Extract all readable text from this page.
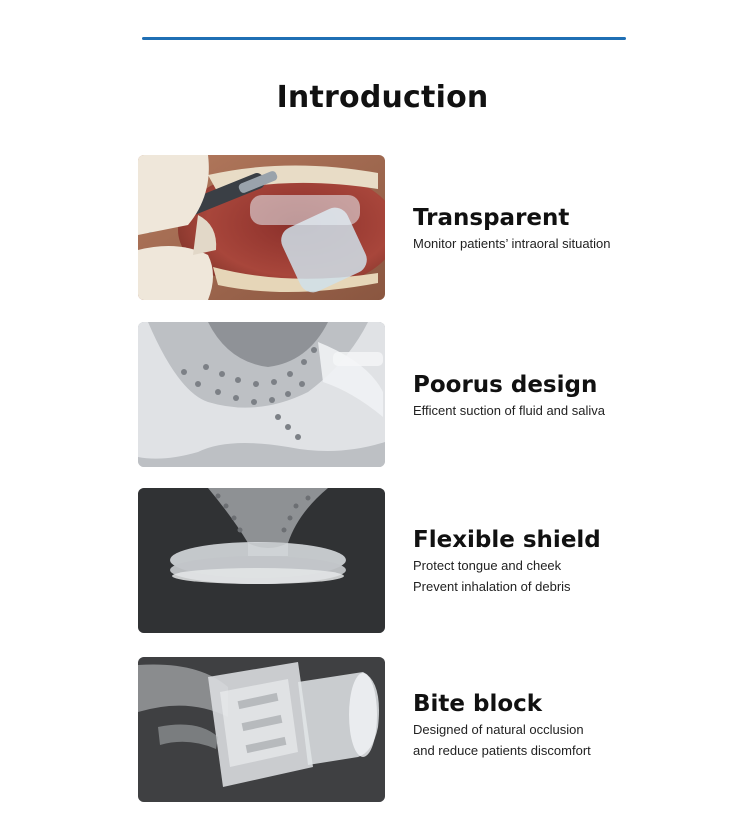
Introduction
Transparent
Monitor patients’ intraoral situation
Poorus design
Efficent suction of fluid and saliva
Flexible shield
Protect tongue and cheek
Prevent inhalation of debris
Bite block
Designed of natural occlusion
and reduce patients discomfort
